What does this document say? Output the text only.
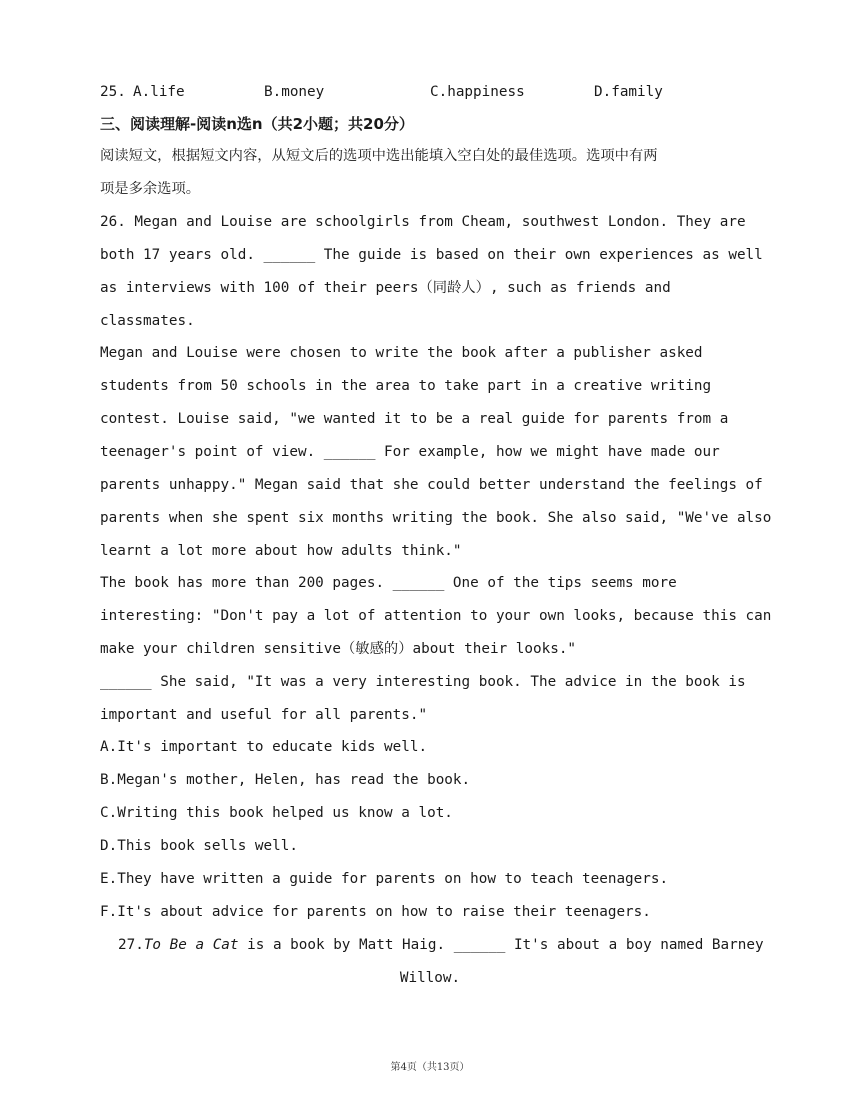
25.

A.life

	B.money

	C.happiness

	D.family

三、阅读理解-阅读n选n（共2小题；共20分）
阅读短文，根据短文内容，从短文后的选项中选出能填入空白处的最佳选项。选项中有两
项是多余选项。
26. Megan and Louise are schoolgirls from Cheam, southwest London. They are
both 17 years old. ______ The guide is based on their own experiences as well
as interviews with 100 of their peers（同龄人）, such as friends and
classmates.
Megan and Louise were chosen to write the book after a publisher asked
students from 50 schools in the area to take part in a creative writing
contest. Louise said, "we wanted it to be a real guide for parents from a
teenager's point of view. ______ For example, how we might have made our
parents unhappy." Megan said that she could better understand the feelings of
parents when she spent six months writing the book. She also said, "We've also
learnt a lot more about how adults think."
The book has more than 200 pages. ______ One of the tips seems more
interesting: "Don't pay a lot of attention to your own looks, because this can
make your children sensitive（敏感的）about their looks."
______ She said, "It was a very interesting book. The advice in the book is
important and useful for all parents."
A.It's important to educate kids well.
B.Megan's mother, Helen, has read the book.
C.Writing this book helped us know a lot.
D.This book sells well.
E.They have written a guide for parents on how to teach teenagers.
F.It's about advice for parents on how to raise their teenagers.
27.To Be a Cat is a book by Matt Haig. ______ It's about a boy named Barney
Willow.
第4页（共13页）
